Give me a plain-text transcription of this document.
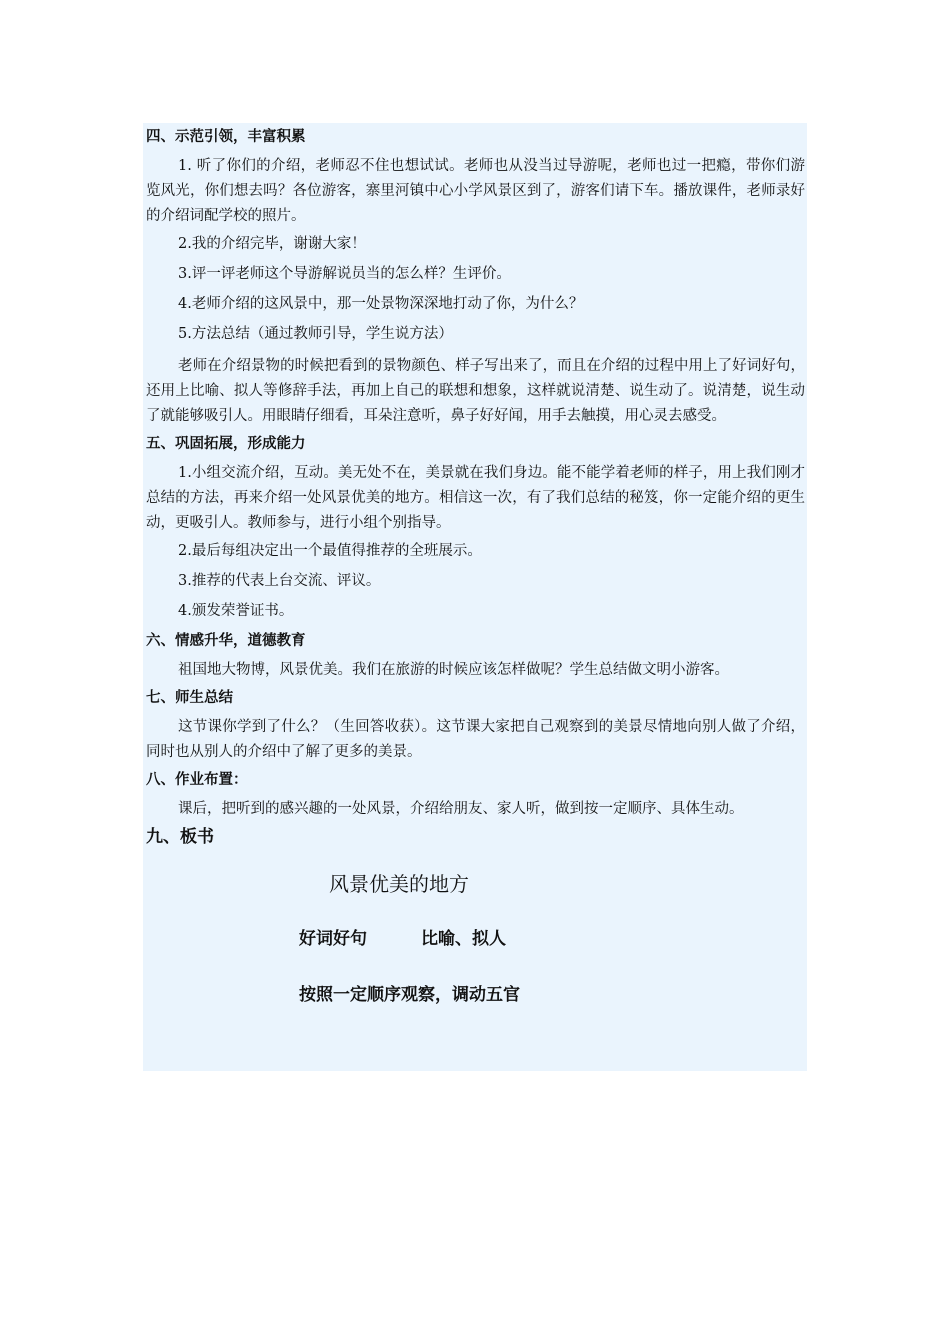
四、示范引领，丰富积累
1. 听了你们的介绍，老师忍不住也想试试。老师也从没当过导游呢，老师也过一把瘾，带你们游览风光，你们想去吗？各位游客，寨里河镇中心小学风景区到了，游客们请下车。播放课件，老师录好的介绍词配学校的照片。
2.我的介绍完毕，谢谢大家！
3.评一评老师这个导游解说员当的怎么样？生评价。
4.老师介绍的这风景中，那一处景物深深地打动了你，为什么？
5.方法总结（通过教师引导，学生说方法）
老师在介绍景物的时候把看到的景物颜色、样子写出来了，而且在介绍的过程中用上了好词好句，还用上比喻、拟人等修辞手法，再加上自己的联想和想象，这样就说清楚、说生动了。说清楚，说生动了就能够吸引人。用眼睛仔细看，耳朵注意听，鼻子好好闻，用手去触摸，用心灵去感受。
五、巩固拓展，形成能力
1.小组交流介绍，互动。美无处不在，美景就在我们身边。能不能学着老师的样子，用上我们刚才总结的方法，再来介绍一处风景优美的地方。相信这一次，有了我们总结的秘笈，你一定能介绍的更生动，更吸引人。教师参与，进行小组个别指导。
2.最后每组决定出一个最值得推荐的全班展示。
3.推荐的代表上台交流、评议。
4.颁发荣誉证书。
六、情感升华，道德教育
祖国地大物博，风景优美。我们在旅游的时候应该怎样做呢？学生总结做文明小游客。
七、师生总结
这节课你学到了什么？（生回答收获）。这节课大家把自己观察到的美景尽情地向别人做了介绍，同时也从别人的介绍中了解了更多的美景。
八、作业布置：
课后，把听到的感兴趣的一处风景，介绍给朋友、家人听，做到按一定顺序、具体生动。
九、板书
风景优美的地方
好词好句	比喻、拟人
按照一定顺序观察，调动五官
